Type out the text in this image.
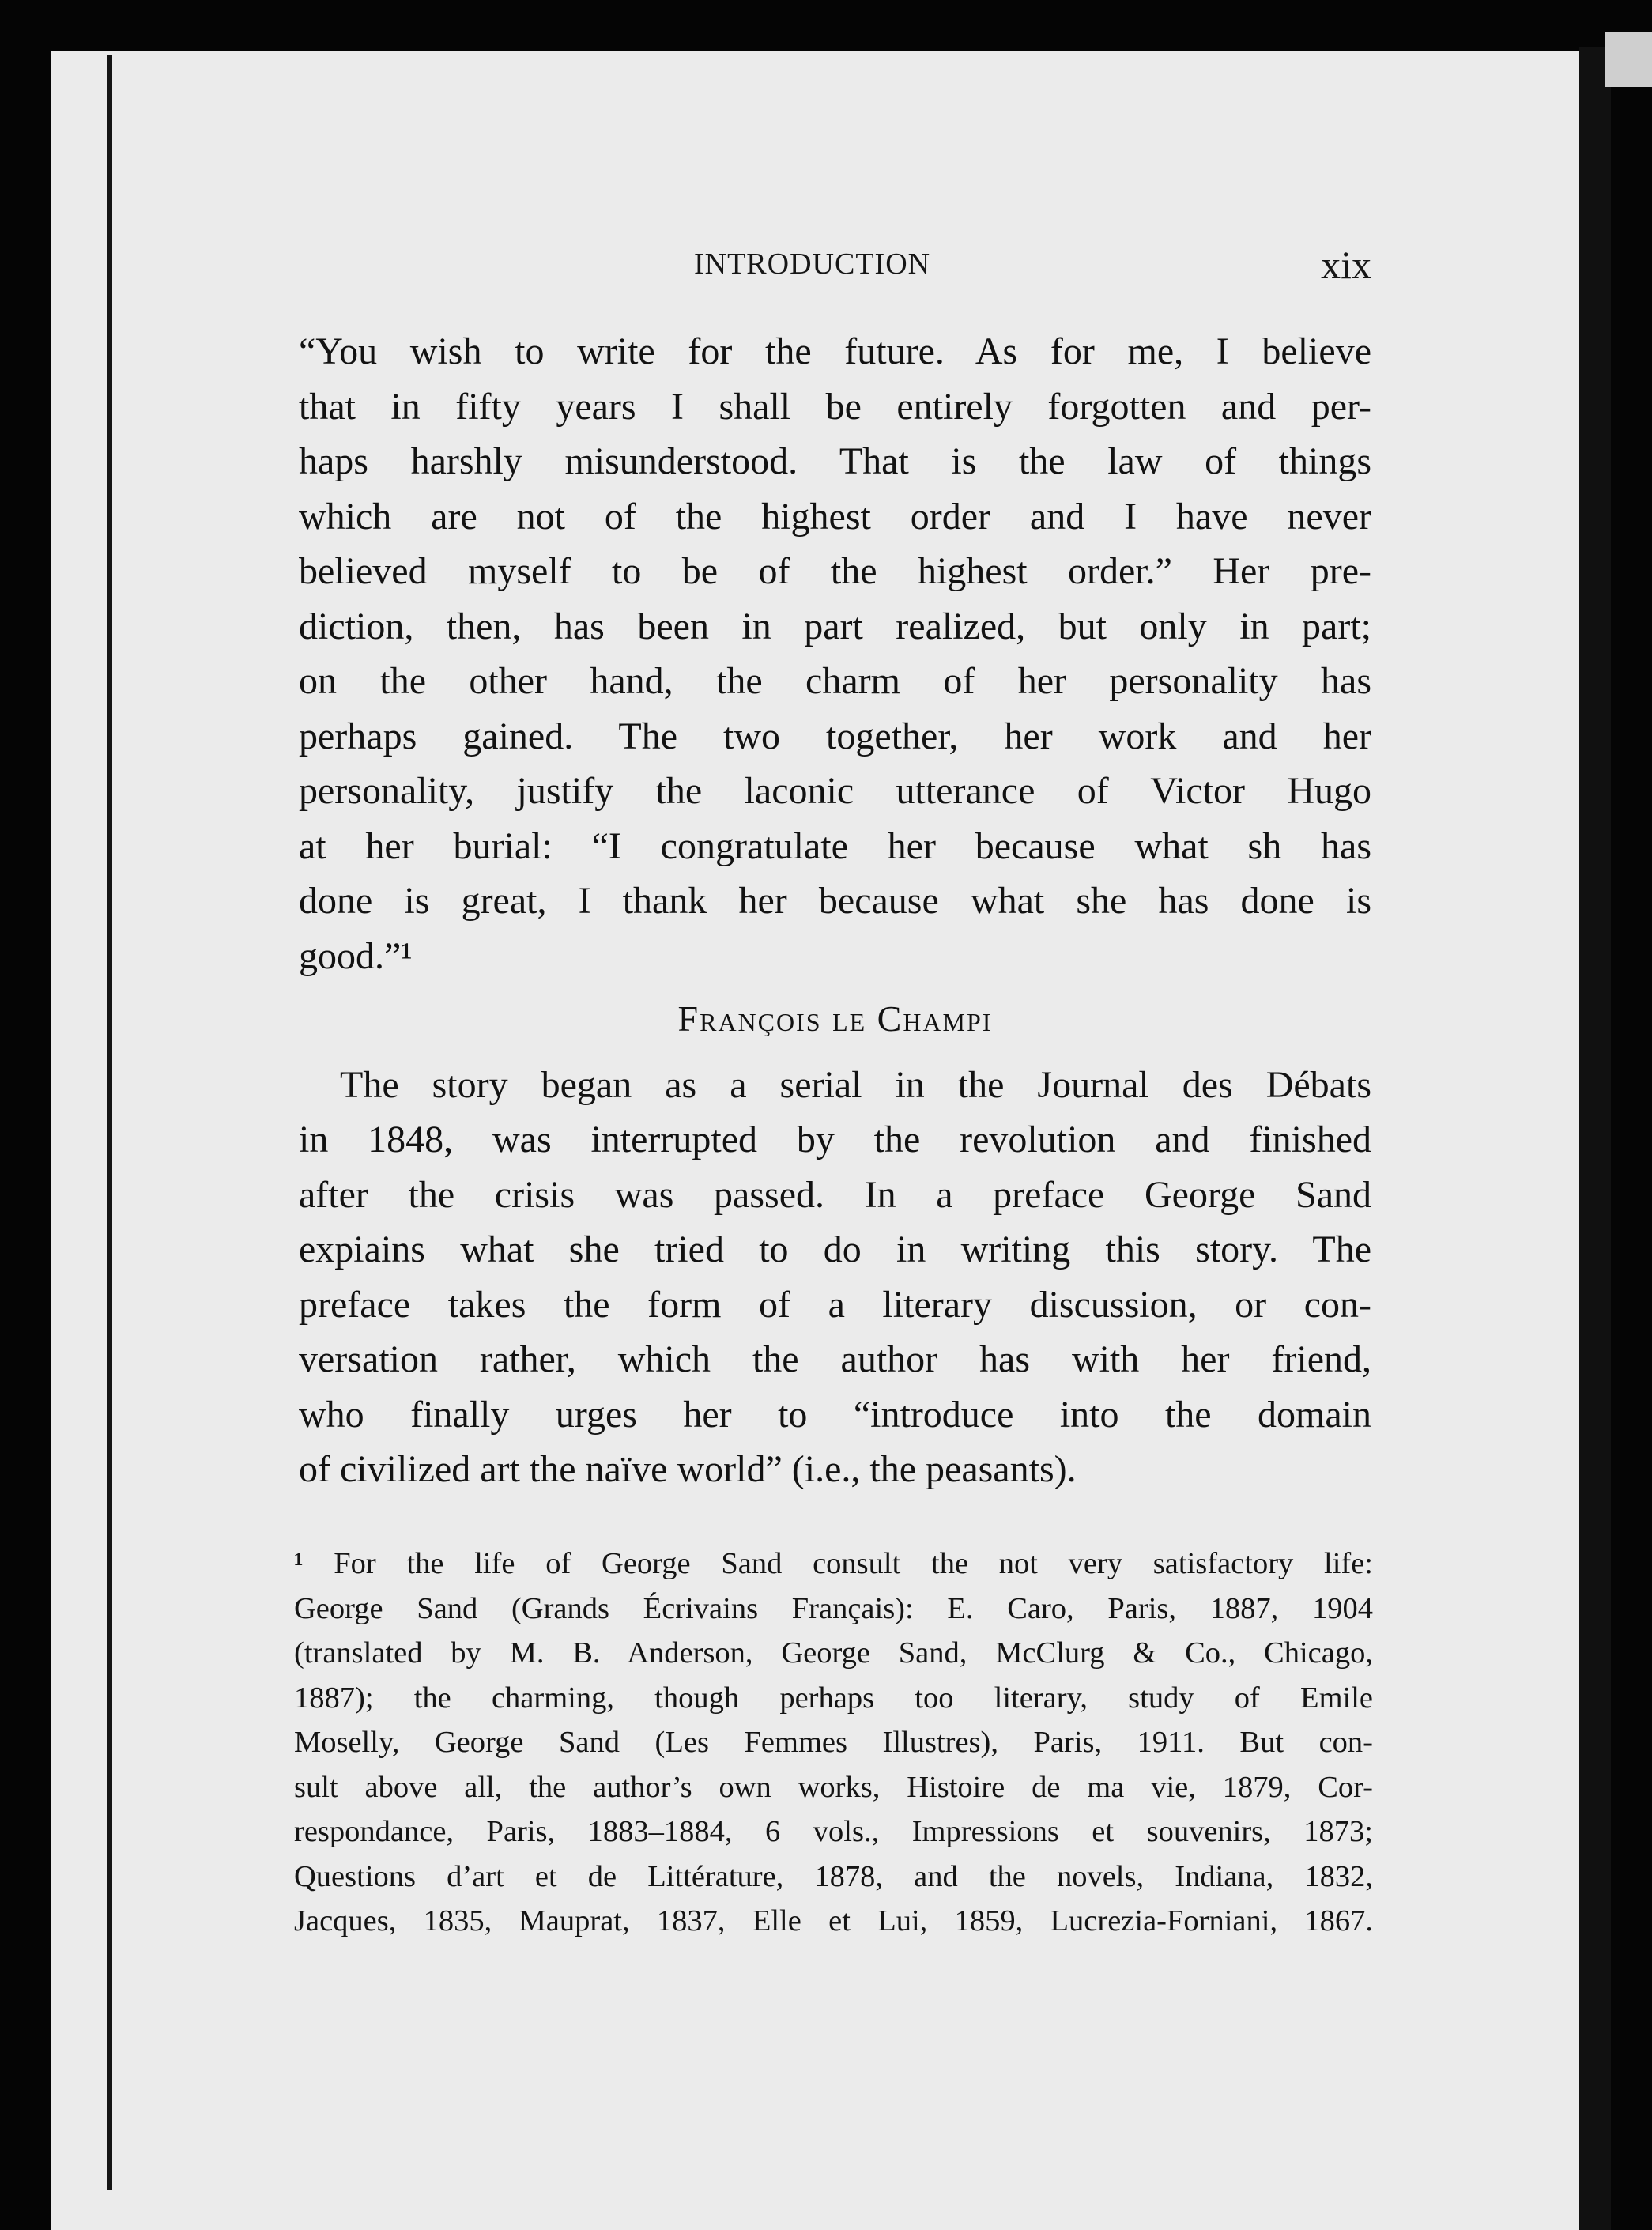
INTRODUCTION	xix

“You wish to write for the future. As for me, I believe
that in fifty years I shall be entirely forgotten and per-
haps harshly misunderstood. That is the law of things
which are not of the highest order and I have never
believed myself to be of the highest order.” Her pre-
diction, then, has been in part realized, but only in part;
on the other hand, the charm of her personality has
perhaps gained. The two together, her work and her
personality, justify the laconic utterance of Victor Hugo
at her burial: “I congratulate her because what sh has
done is great, I thank her because what she has done is
good.”¹

François le Champi

The story began as a serial in the Journal des Débats
in 1848, was interrupted by the revolution and finished
after the crisis was passed. In a preface George Sand
expiains what she tried to do in writing this story. The
preface takes the form of a literary discussion, or con-
versation rather, which the author has with her friend,
who finally urges her to “introduce into the domain
of civilized art the naïve world” (i.e., the peasants).

¹ For the life of George Sand consult the not very satisfactory life:
George Sand (Grands Écrivains Français): E. Caro, Paris, 1887, 1904
(translated by M. B. Anderson, George Sand, McClurg & Co., Chicago,
1887); the charming, though perhaps too literary, study of Emile
Moselly, George Sand (Les Femmes Illustres), Paris, 1911. But con-
sult above all, the author’s own works, Histoire de ma vie, 1879, Cor-
respondance, Paris, 1883–1884, 6 vols., Impressions et souvenirs, 1873;
Questions d’art et de Littérature, 1878, and the novels, Indiana, 1832,
Jacques, 1835, Mauprat, 1837, Elle et Lui, 1859, Lucrezia-Forniani, 1867.
